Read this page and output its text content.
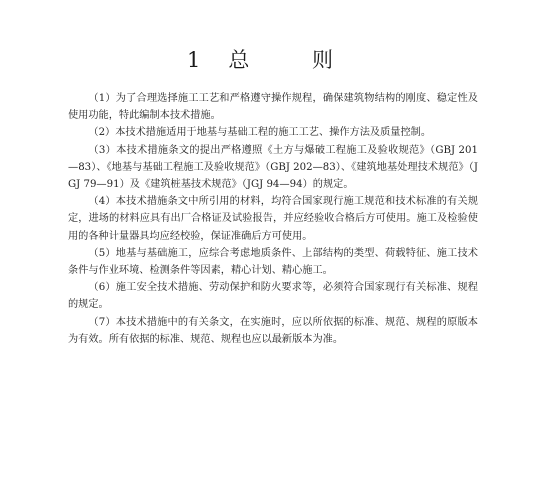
1 总 则

（1）为了合理选择施工工艺和严格遵守操作规程，确保建筑物结构的刚度、稳定性及使用功能，特此编制本技术措施。

（2）本技术措施适用于地基与基础工程的施工工艺、操作方法及质量控制。

（3）本技术措施条文的提出严格遵照《土方与爆破工程施工及验收规范》（GBJ 201—83）、《地基与基础工程施工及验收规范》（GBJ 202—83）、《建筑地基处理技术规范》（JGJ 79—91）及《建筑桩基技术规范》（JGJ 94—94）的规定。

（4）本技术措施条文中所引用的材料，均符合国家现行施工规范和技术标准的有关规定，进场的材料应具有出厂合格证及试验报告，并应经验收合格后方可使用。施工及检验使用的各种计量器具均应经校验，保证准确后方可使用。

（5）地基与基础施工，应综合考虑地质条件、上部结构的类型、荷载特征、施工技术条件与作业环境、检测条件等因素，精心计划、精心施工。

（6）施工安全技术措施、劳动保护和防火要求等，必须符合国家现行有关标准、规程的规定。

（7）本技术措施中的有关条文，在实施时，应以所依据的标准、规范、规程的原版本为有效。所有依据的标准、规范、规程也应以最新版本为准。
